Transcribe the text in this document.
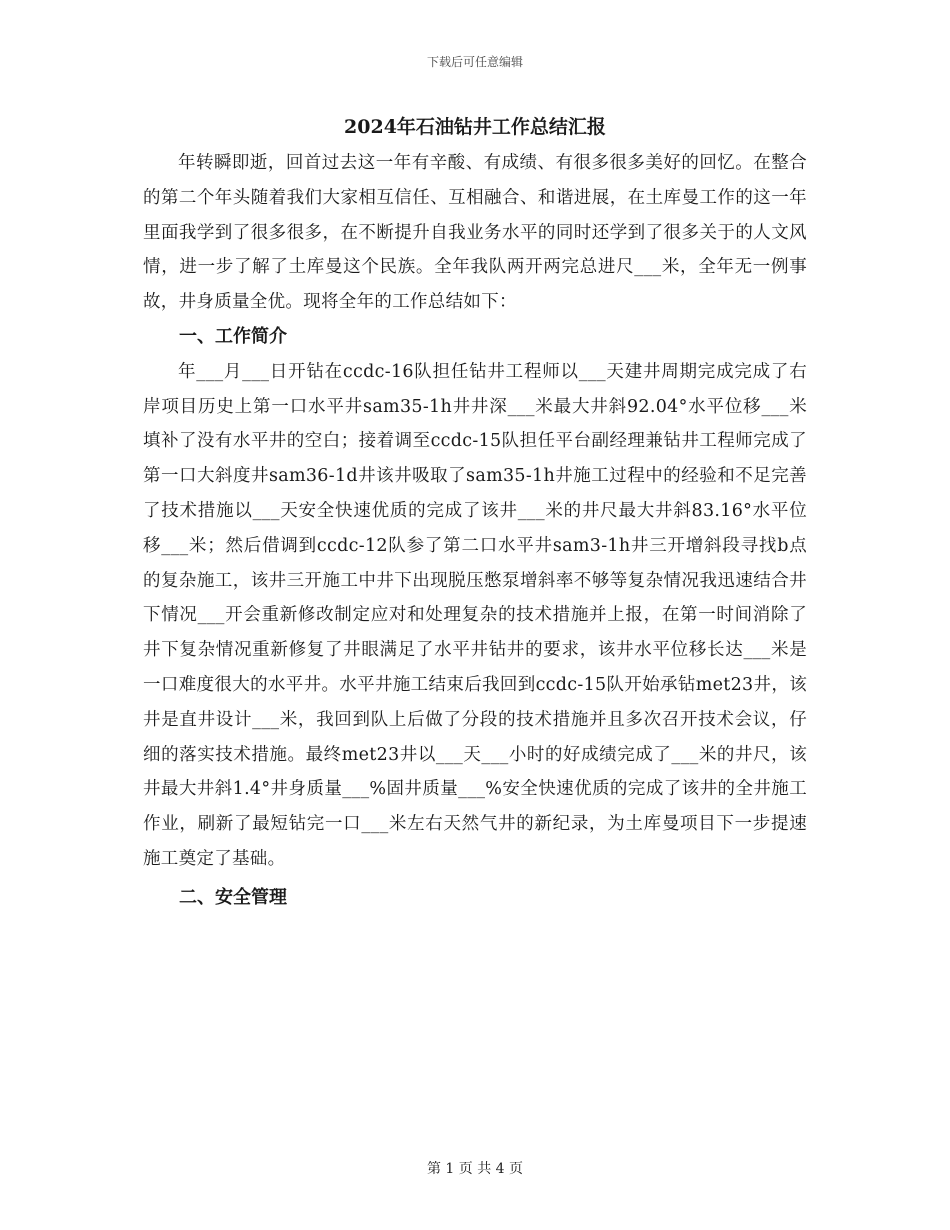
下载后可任意编辑
2024年石油钻井工作总结汇报

年转瞬即逝，回首过去这一年有辛酸、有成绩、有很多很多美好的回忆。在整合的第二个年头随着我们大家相互信任、互相融合、和谐进展，在土库曼工作的这一年里面我学到了很多很多，在不断提升自我业务水平的同时还学到了很多关于的人文风情，进一步了解了土库曼这个民族。全年我队两开两完总进尺___米，全年无一例事故，井身质量全优。现将全年的工作总结如下：

一、工作简介

年___月___日开钻在ccdc-16队担任钻井工程师以___天建井周期完成完成了右岸项目历史上第一口水平井sam35-1h井井深___米最大井斜92.04°水平位移___米填补了没有水平井的空白；接着调至ccdc-15队担任平台副经理兼钻井工程师完成了第一口大斜度井sam36-1d井该井吸取了sam35-1h井施工过程中的经验和不足完善了技术措施以___天安全快速优质的完成了该井___米的井尺最大井斜83.16°水平位移___米；然后借调到ccdc-12队参了第二口水平井sam3-1h井三开增斜段寻找b点的复杂施工，该井三开施工中井下出现脱压憋泵增斜率不够等复杂情况我迅速结合井下情况___开会重新修改制定应对和处理复杂的技术措施并上报，在第一时间消除了井下复杂情况重新修复了井眼满足了水平井钻井的要求，该井水平位移长达___米是一口难度很大的水平井。水平井施工结束后我回到ccdc-15队开始承钻met23井，该井是直井设计___米，我回到队上后做了分段的技术措施并且多次召开技术会议，仔细的落实技术措施。最终met23井以___天___小时的好成绩完成了___米的井尺，该井最大井斜1.4°井身质量___%固井质量___%安全快速优质的完成了该井的全井施工作业，刷新了最短钻完一口___米左右天然气井的新纪录，为土库曼项目下一步提速施工奠定了基础。

二、安全管理

第 1 页 共 4 页
